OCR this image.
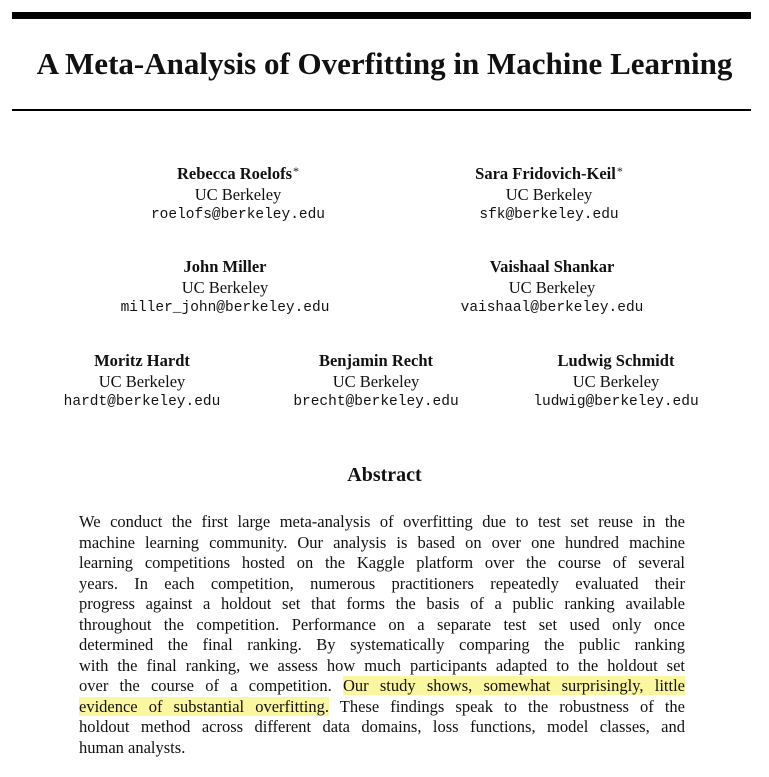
A Meta-Analysis of Overfitting in Machine Learning
Rebecca Roelofs*
UC Berkeley
roelofs@berkeley.edu
Sara Fridovich-Keil*
UC Berkeley
sfk@berkeley.edu
John Miller
UC Berkeley
miller_john@berkeley.edu
Vaishaal Shankar
UC Berkeley
vaishaal@berkeley.edu
Moritz Hardt
UC Berkeley
hardt@berkeley.edu
Benjamin Recht
UC Berkeley
brecht@berkeley.edu
Ludwig Schmidt
UC Berkeley
ludwig@berkeley.edu
Abstract
We conduct the first large meta-analysis of overfitting due to test set reuse in the
machine learning community. Our analysis is based on over one hundred machine
learning competitions hosted on the Kaggle platform over the course of several
years. In each competition, numerous practitioners repeatedly evaluated their
progress against a holdout set that forms the basis of a public ranking available
throughout the competition. Performance on a separate test set used only once
determined the final ranking. By systematically comparing the public ranking
with the final ranking, we assess how much participants adapted to the holdout set
over the course of a competition. Our study shows, somewhat surprisingly, little
evidence of substantial overfitting. These findings speak to the robustness of the
holdout method across different data domains, loss functions, model classes, and
human analysts.
